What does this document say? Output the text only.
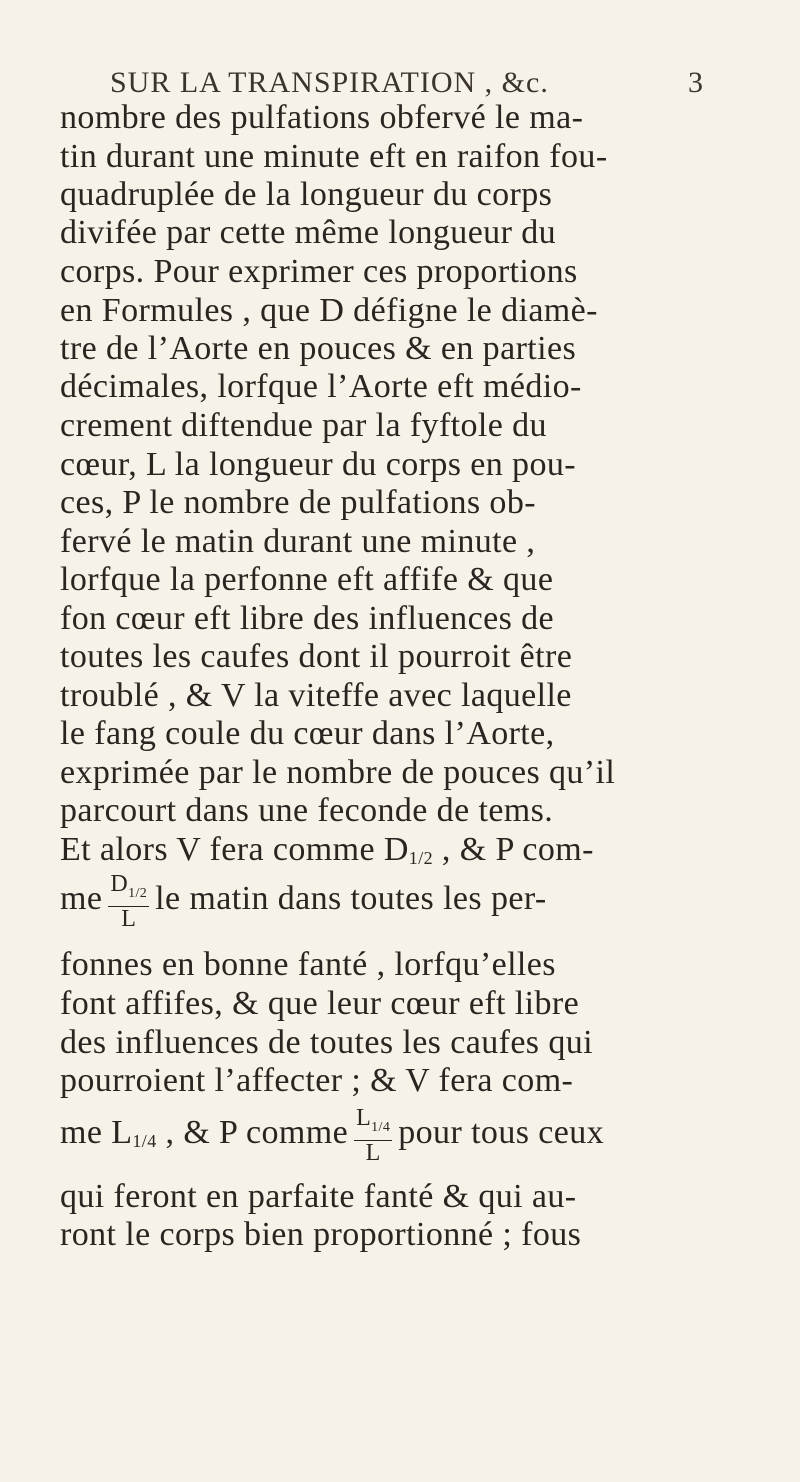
SUR LA TRANSPIRATION , &c.	3
nombre des pulfations obfervé le ma-
tin durant une minute eft en raifon fou-
quadruplée de la longueur du corps
divifée par cette même longueur du
corps. Pour exprimer ces proportions
en Formules , que D défigne le diamè-
tre de l’Aorte en pouces & en parties
décimales, lorfque l’Aorte eft médio-
crement diftendue par la fyftole du
cœur, L la longueur du corps en pou-
ces, P le nombre de pulfations ob-
fervé le matin durant une minute ,
lorfque la perfonne eft affife & que
fon cœur eft libre des influences de
toutes les caufes dont il pourroit être
troublé , & V la viteffe avec laquelle
le fang coule du cœur dans l’Aorte,
exprimée par le nombre de pouces qu’il
parcourt dans une feconde de tems.
Et alors V fera comme $D_{1/2}$ , & P com-
me $\frac{D_{1/2}}{L}$ le matin dans toutes les per-
fonnes en bonne fanté , lorfqu’elles
font affifes, & que leur cœur eft libre
des influences de toutes les caufes qui
pourroient l’affecter ; & V fera com-
me $L_{1/4}$ , & P comme $\frac{L_{1/4}}{L}$ pour tous ceux
qui feront en parfaite fanté & qui au-
ront le corps bien proportionné ; fous
